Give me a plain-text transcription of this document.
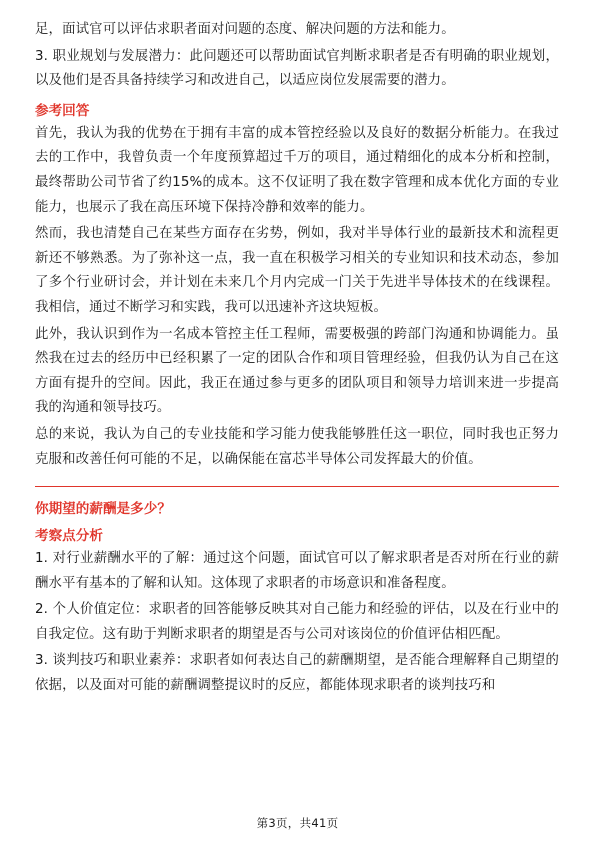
足，面试官可以评估求职者面对问题的态度、解决问题的方法和能力。

3. 职业规划与发展潜力：此问题还可以帮助面试官判断求职者是否有明确的职业规划，以及他们是否具备持续学习和改进自己，以适应岗位发展需要的潜力。

参考回答

首先，我认为我的优势在于拥有丰富的成本管控经验以及良好的数据分析能力。在我过去的工作中，我曾负责一个年度预算超过千万的项目，通过精细化的成本分析和控制，最终帮助公司节省了约15%的成本。这不仅证明了我在数字管理和成本优化方面的专业能力，也展示了我在高压环境下保持冷静和效率的能力。

然而，我也清楚自己在某些方面存在劣势，例如，我对半导体行业的最新技术和流程更新还不够熟悉。为了弥补这一点，我一直在积极学习相关的专业知识和技术动态，参加了多个行业研讨会，并计划在未来几个月内完成一门关于先进半导体技术的在线课程。我相信，通过不断学习和实践，我可以迅速补齐这块短板。

此外，我认识到作为一名成本管控主任工程师，需要极强的跨部门沟通和协调能力。虽然我在过去的经历中已经积累了一定的团队合作和项目管理经验，但我仍认为自己在这方面有提升的空间。因此，我正在通过参与更多的团队项目和领导力培训来进一步提高我的沟通和领导技巧。

总的来说，我认为自己的专业技能和学习能力使我能够胜任这一职位，同时我也正努力克服和改善任何可能的不足，以确保能在富芯半导体公司发挥最大的价值。

你期望的薪酬是多少？

考察点分析

1. 对行业薪酬水平的了解：通过这个问题，面试官可以了解求职者是否对所在行业的薪酬水平有基本的了解和认知。这体现了求职者的市场意识和准备程度。

2. 个人价值定位：求职者的回答能够反映其对自己能力和经验的评估，以及在行业中的自我定位。这有助于判断求职者的期望是否与公司对该岗位的价值评估相匹配。

3. 谈判技巧和职业素养：求职者如何表达自己的薪酬期望，是否能合理解释自己期望的依据，以及面对可能的薪酬调整提议时的反应，都能体现求职者的谈判技巧和

第3页，共41页
